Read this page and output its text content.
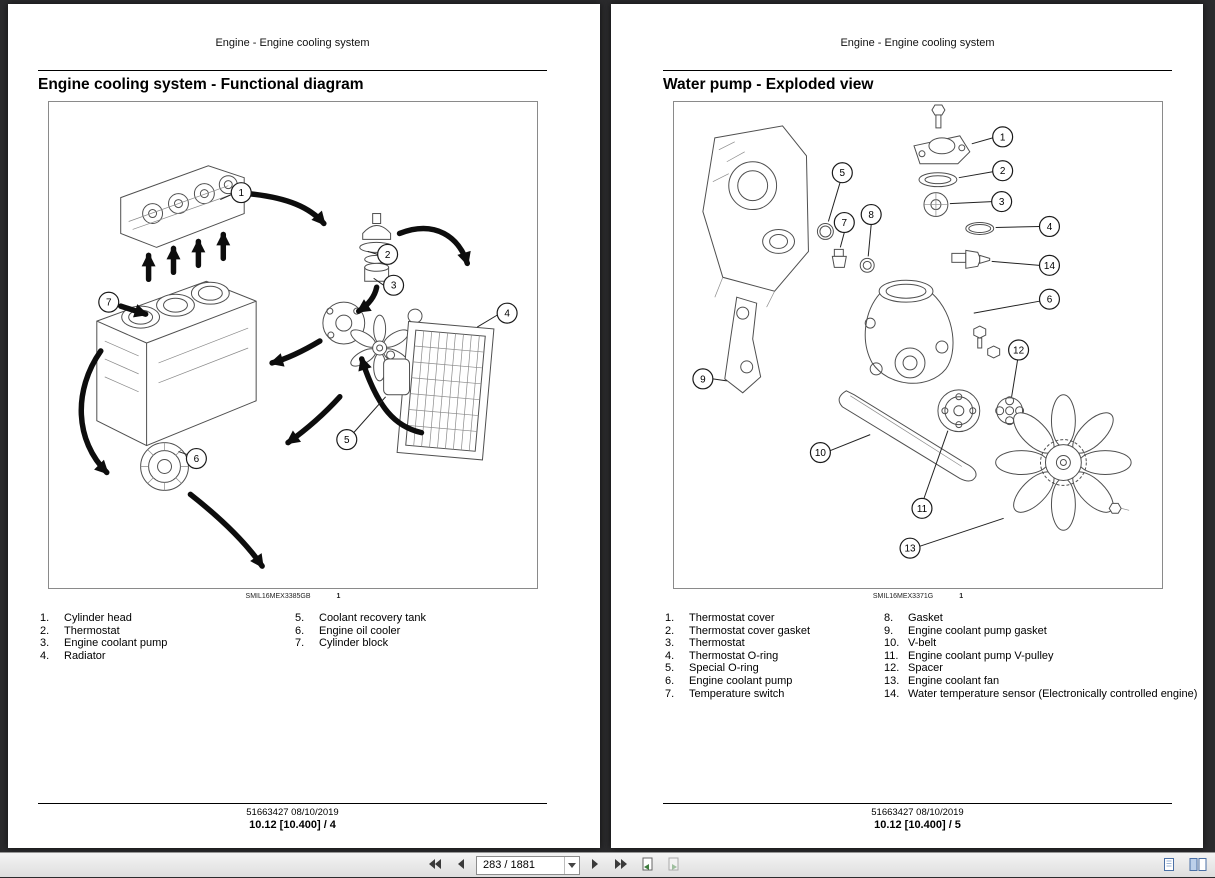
Engine - Engine cooling system
Engine cooling system - Functional diagram
1
2
3
4
5
6
7
SMIL16MEX3385GB	1
1.	Cylinder head
2.	Thermostat
3.	Engine coolant pump
4.	Radiator
5.	Coolant recovery tank
6.	Engine oil cooler
7.	Cylinder block
51663427 08/10/2019
10.12 [10.400] / 4
Engine - Engine cooling system
Water pump - Exploded view
1
2
3
4
5
6
7
8
9
10
11
12
13
14
SMIL16MEX3371G	1
1.	Thermostat cover
2.	Thermostat cover gasket
3.	Thermostat
4.	Thermostat O-ring
5.	Special O-ring
6.	Engine coolant pump
7.	Temperature switch
8.	Gasket
9.	Engine coolant pump gasket
10. V-belt
11. Engine coolant pump V-pulley
12. Spacer
13. Engine coolant fan
14. Water temperature sensor (Electronically controlled engine)
51663427 08/10/2019
10.12 [10.400] / 5
283 / 1881
